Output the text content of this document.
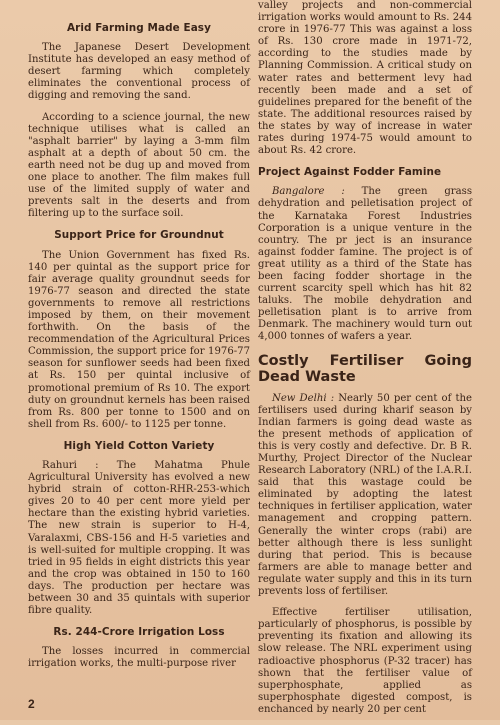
Arid Farming Made Easy

The Japanese Desert Development Institute has developed an easy method of desert farming which completely eliminates the conventional process of digging and removing the sand.

According to a science journal, the new technique utilises what is called an "asphalt barrier" by laying a 3-mm film asphalt at a depth of about 50 cm. the earth need not be dug up and moved from one place to another. The film makes full use of the limited supply of water and prevents salt in the deserts and from filtering up to the surface soil.

Support Price for Groundnut

The Union Government has fixed Rs. 140 per quintal as the support price for fair average quality groundnut seeds for 1976-77 season and directed the state governments to remove all restrictions imposed by them, on their movement forthwith. On the basis of the recommendation of the Agricultural Prices Commission, the support price for 1976-77 season for sunflower seeds had been fixed at Rs. 150 per quintal inclusive of promotional premium of Rs 10. The export duty on groundnut kernels has been raised from Rs. 800 per tonne to 1500 and on shell from Rs. 600/- to 1125 per tonne.

High Yield Cotton Variety

Rahuri : The Mahatma Phule Agricultural University has evolved a new hybrid strain of cotton-RHR-253-which gives 20 to 40 per cent more yield per hectare than the existing hybrid varieties. The new strain is superior to H-4, Varalaxmi, CBS-156 and H-5 varieties and is well-suited for multiple cropping. It was tried in 95 fields in eight districts this year and the crop was obtained in 150 to 160 days. The production per hectare was between 30 and 35 quintals with superior fibre quality.

Rs. 244-Crore Irrigation Loss

The losses incurred in commercial irrigation works, the multi-purpose river

valley projects and non-commercial irrigation works would amount to Rs. 244 crore in 1976-77 This was against a loss of Rs. 130 crore made in 1971-72, according to the studies made by Planning Commission. A critical study on water rates and betterment levy had recently been made and a set of guidelines prepared for the benefit of the state. The additional resources raised by the states by way of increase in water rates during 1974-75 would amount to about Rs. 42 crore.

Project Against Fodder Famine

Bangalore : The green grass dehydration and pelletisation project of the Karnataka Forest Industries Corporation is a unique venture in the country. The pr ject is an insurance against fodder famine. The project is of great utility as a third of the State has been facing fodder shortage in the current scarcity spell which has hit 82 taluks. The mobile dehydration and pelletisation plant is to arrive from Denmark. The machinery would turn out 4,000 tonnes of wafers a year.

Costly Fertiliser Going Dead Waste

New Delhi : Nearly 50 per cent of the fertilisers used during kharif season by Indian farmers is going dead waste as the present methods of application of this is very costly and defective. Dr. B R. Murthy, Project Director of the Nuclear Research Laboratory (NRL) of the I.A.R.I. said that this wastage could be eliminated by adopting the latest techniques in fertiliser application, water management and cropping pattern. Generally the winter crops (rabi) are better although there is less sunlight during that period. This is because farmers are able to manage better and regulate water supply and this in its turn prevents loss of fertiliser.

Effective fertiliser utilisation, particularly of phosphorus, is possible by preventing its fixation and allowing its slow release. The NRL experiment using radioactive phosphorus (P-32 tracer) has shown that the fertiliser value of superphosphate, applied as superphosphate digested compost, is enchanced by nearly 20 per cent

2
